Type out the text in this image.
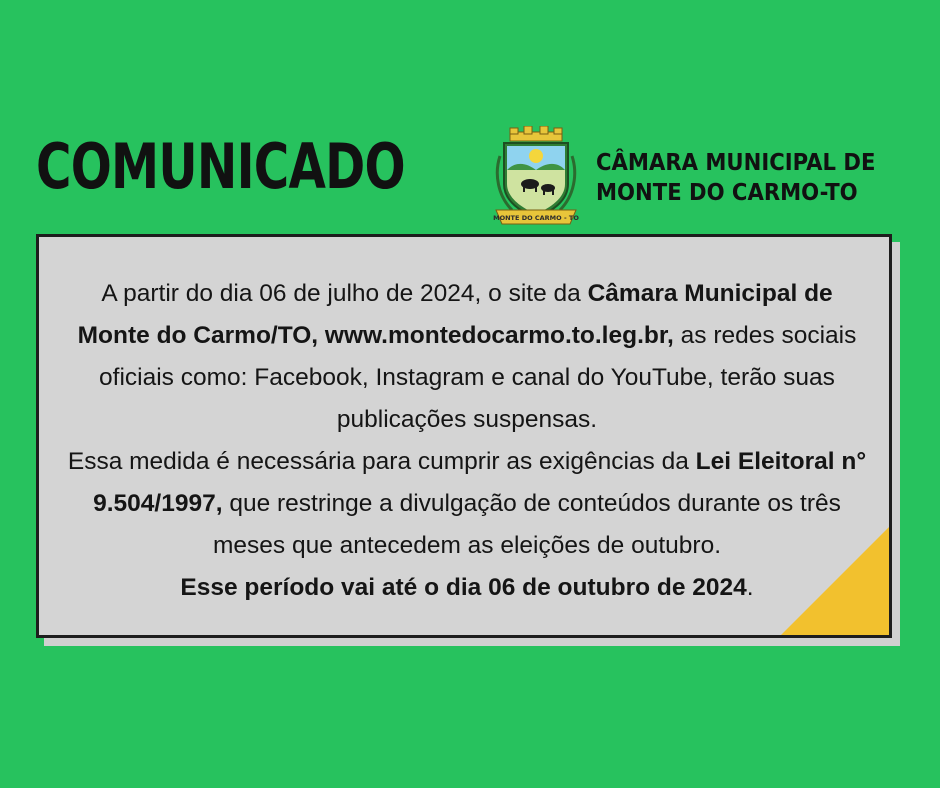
COMUNICADO
MONTE DO CARMO - TO
CÂMARA MUNICIPAL DE
MONTE DO CARMO-TO

A partir do dia 06 de julho de 2024, o site da Câmara Municipal de Monte do Carmo/TO, www.montedocarmo.to.leg.br, as redes sociais oficiais como: Facebook, Instagram e canal do YouTube, terão suas publicações suspensas.

Essa medida é necessária para cumprir as exigências da Lei Eleitoral n° 9.504/1997, que restringe a divulgação de conteúdos durante os três meses que antecedem as eleições de outubro.

Esse período vai até o dia 06 de outubro de 2024.
